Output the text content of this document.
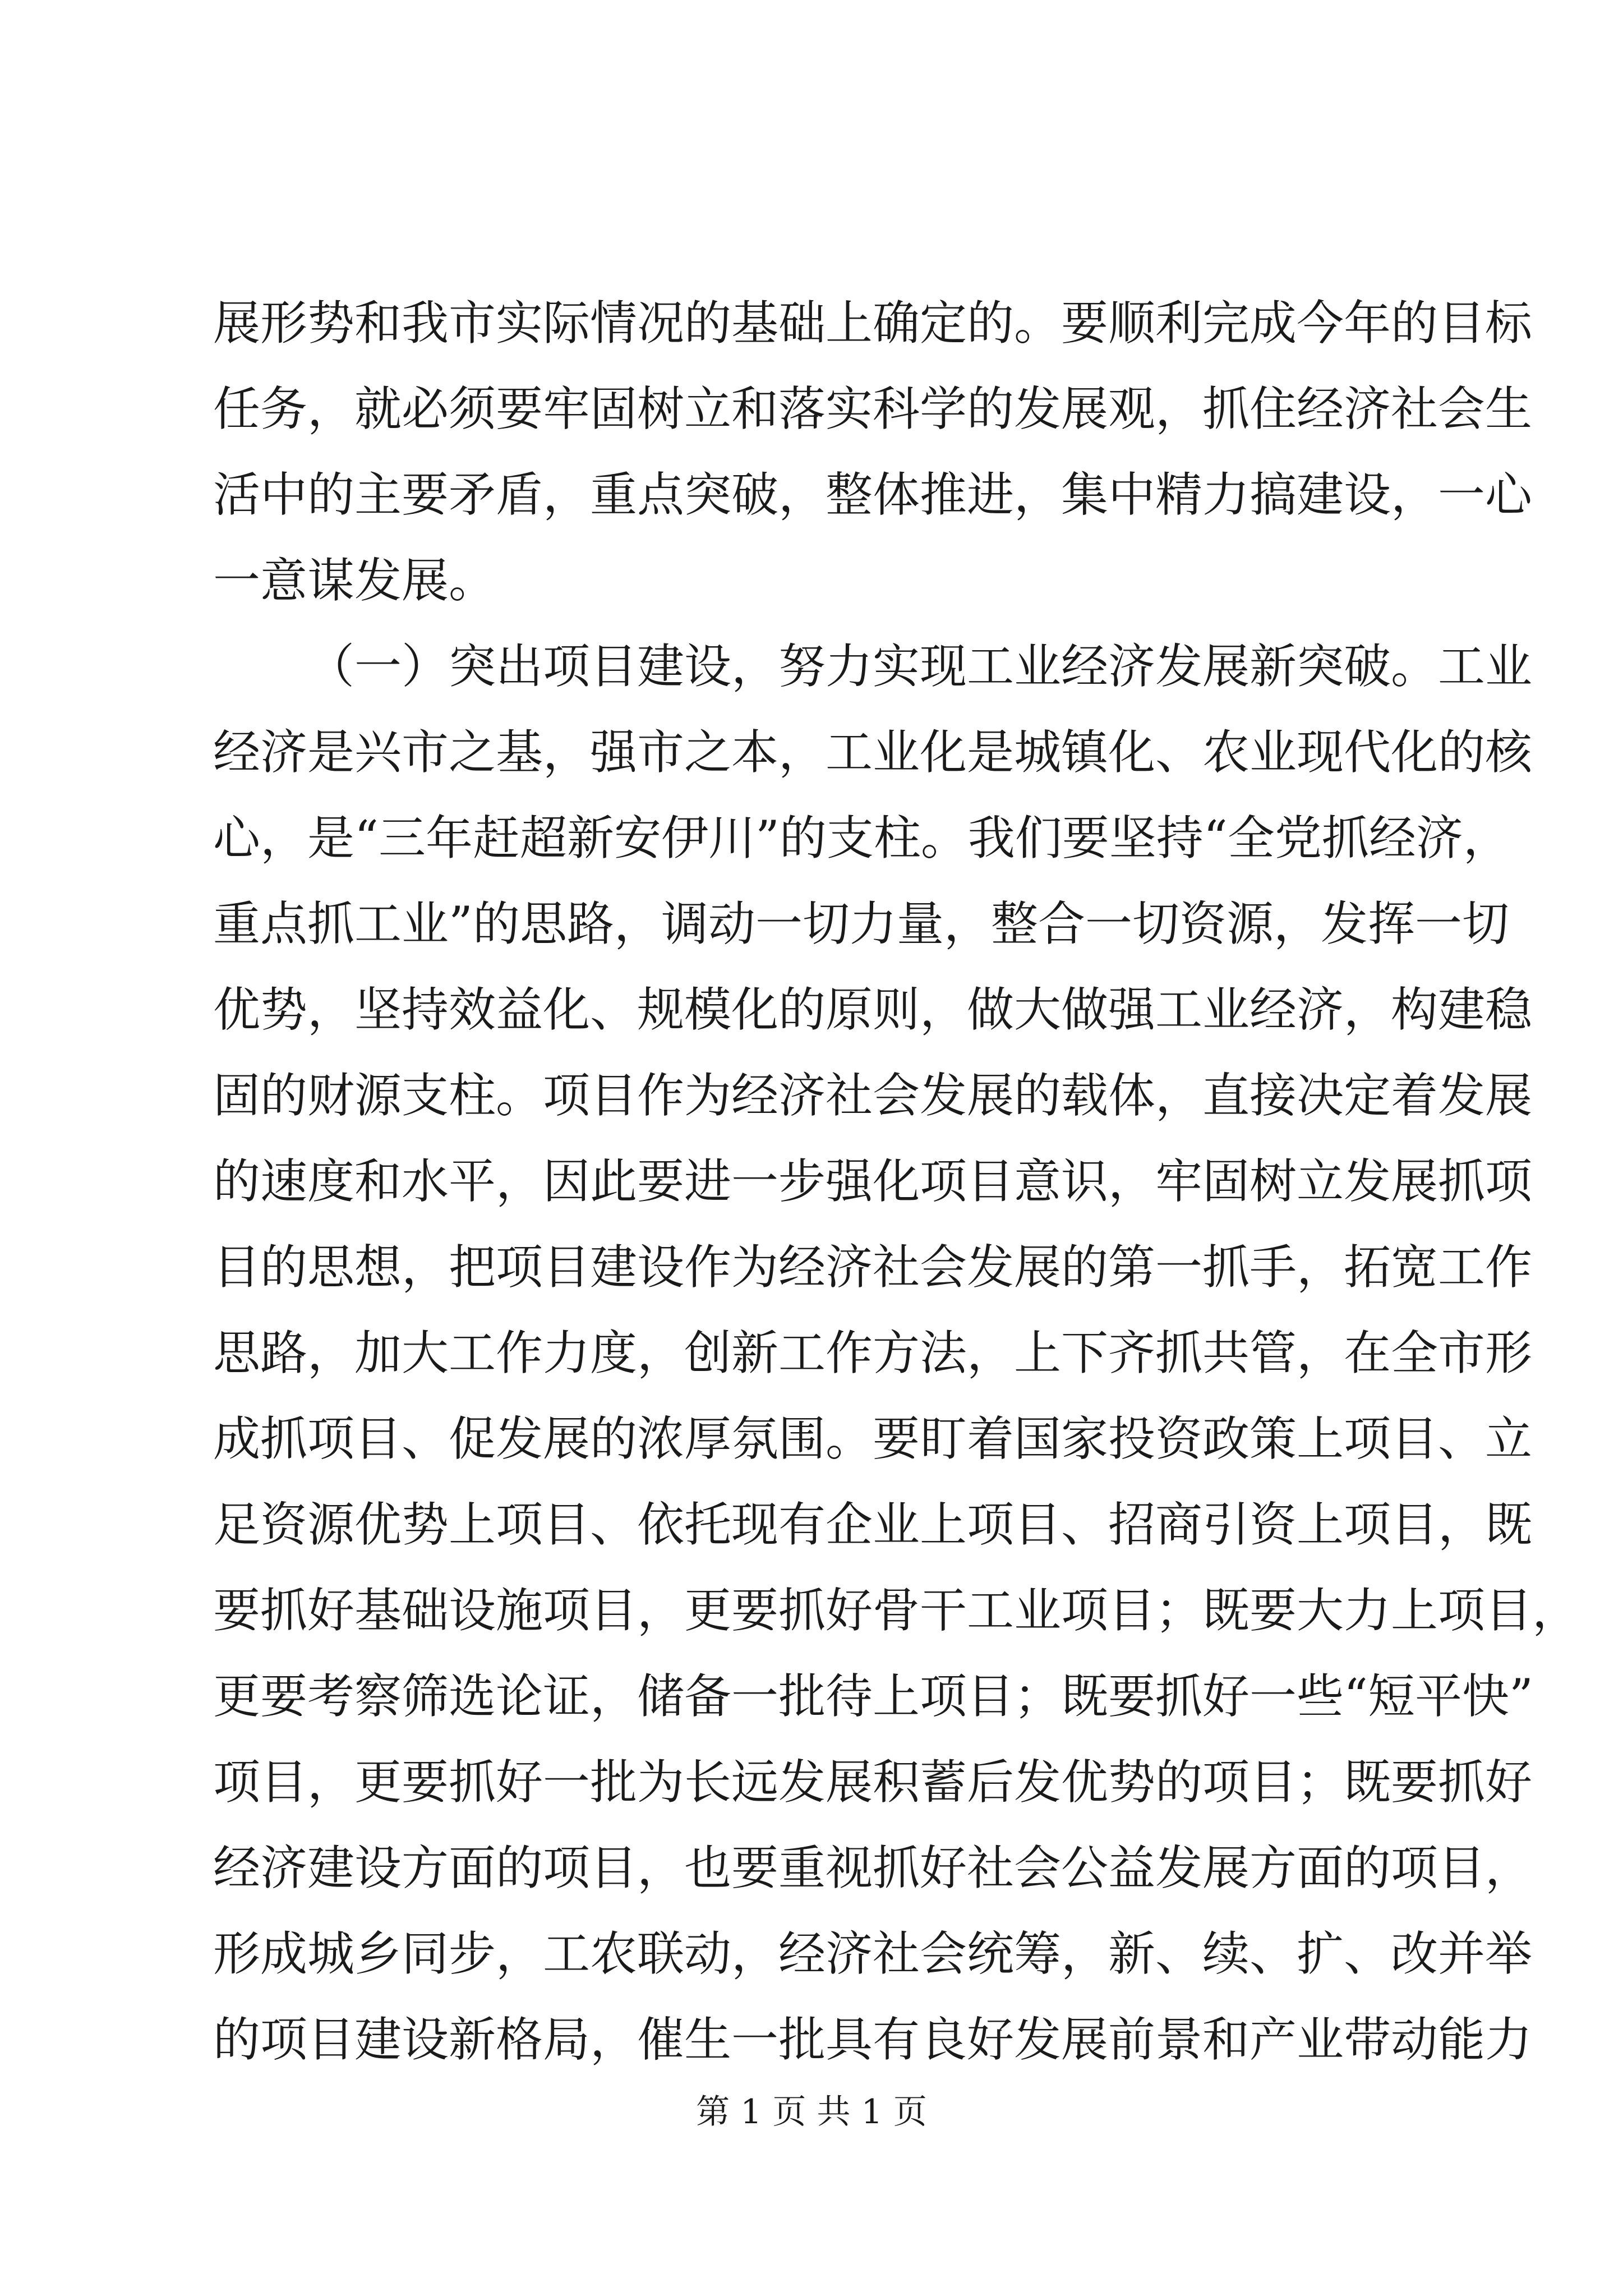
展形势和我市实际情况的基础上确定的。要顺利完成今年的目标
任务，就必须要牢固树立和落实科学的发展观，抓住经济社会生
活中的主要矛盾，重点突破，整体推进，集中精力搞建设，一心
一意谋发展。
（一）突出项目建设，努力实现工业经济发展新突破。工业
经济是兴市之基，强市之本，工业化是城镇化、农业现代化的核
心，是“三年赶超新安伊川”的支柱。我们要坚持“全党抓经济，
重点抓工业”的思路，调动一切力量，整合一切资源，发挥一切
优势，坚持效益化、规模化的原则，做大做强工业经济，构建稳
固的财源支柱。项目作为经济社会发展的载体，直接决定着发展
的速度和水平，因此要进一步强化项目意识，牢固树立发展抓项
目的思想，把项目建设作为经济社会发展的第一抓手，拓宽工作
思路，加大工作力度，创新工作方法，上下齐抓共管，在全市形
成抓项目、促发展的浓厚氛围。要盯着国家投资政策上项目、立
足资源优势上项目、依托现有企业上项目、招商引资上项目，既
要抓好基础设施项目，更要抓好骨干工业项目；既要大力上项目，
更要考察筛选论证，储备一批待上项目；既要抓好一些“短平快”
项目，更要抓好一批为长远发展积蓄后发优势的项目；既要抓好
经济建设方面的项目，也要重视抓好社会公益发展方面的项目，
形成城乡同步，工农联动，经济社会统筹，新、续、扩、改并举
的项目建设新格局，催生一批具有良好发展前景和产业带动能力
第 1 页 共 1 页
